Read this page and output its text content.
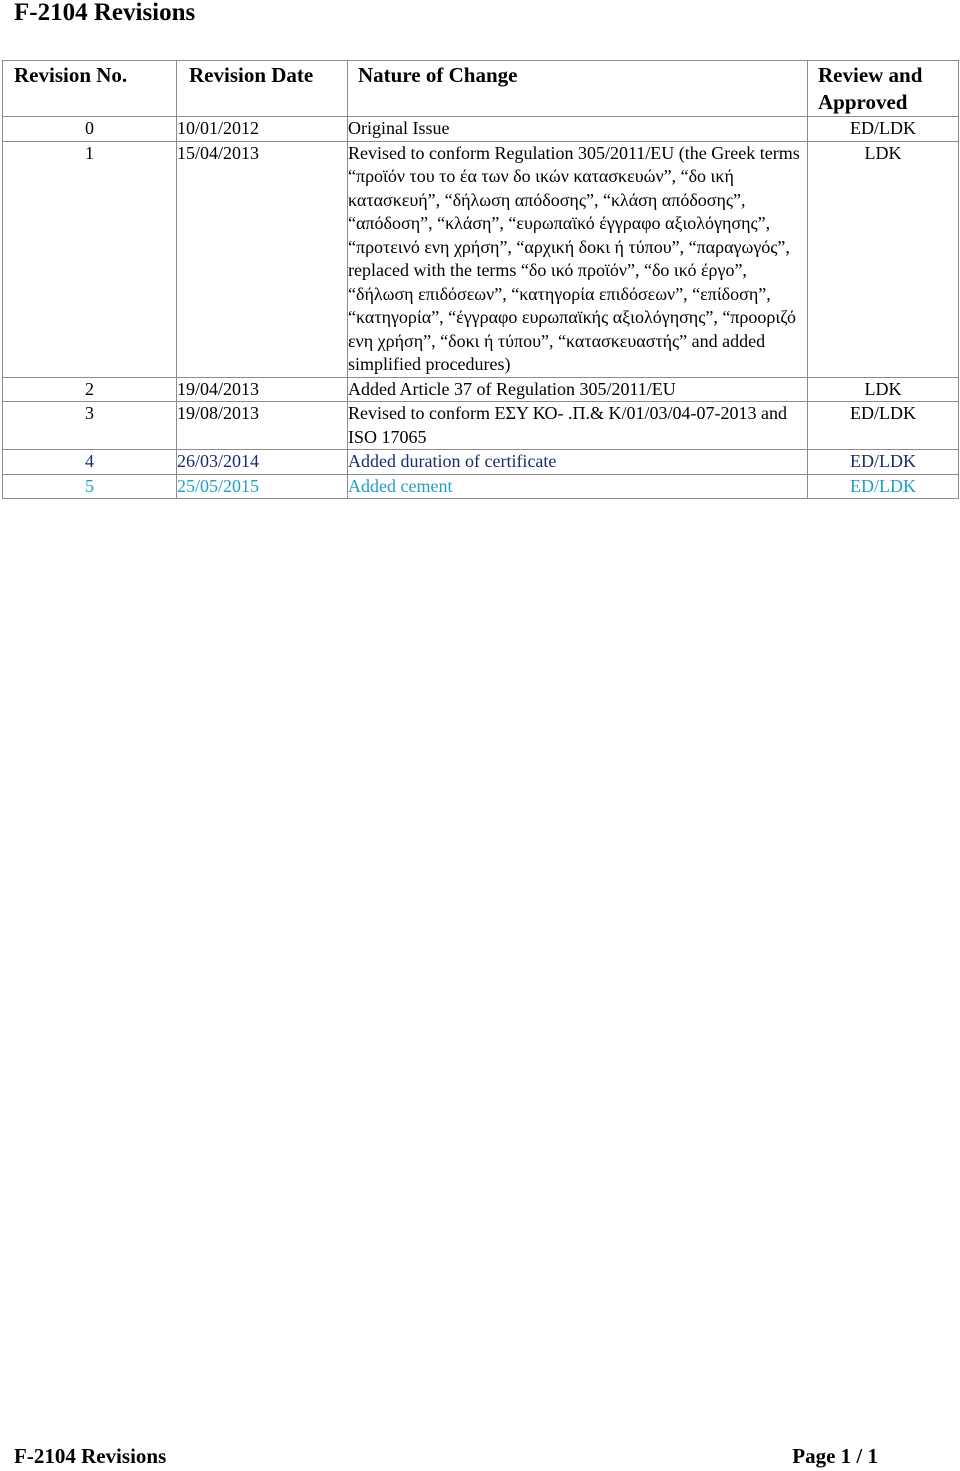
F-2104 Revisions
Revision No.	Revision Date	Nature of Change	Review and Approved
0	10/01/2012	Original Issue	ED/LDK
1	15/04/2013	Revised to conform Regulation 305/2011/EU (the Greek terms “προϊόν του το έα των δο ικών κατασκευών”, “δο ική κατασκευή”, “δήλωση απόδοσης”, “κλάση απόδοσης”, “απόδοση”, “κλάση”, “ευρωπαϊκό έγγραφο αξιολόγησης”, “προτεινό ενη χρήση”, “αρχική δοκι ή τύπου”, “παραγωγός”, replaced with the terms “δο ικό προϊόν”, “δο ικό έργο”, “δήλωση επιδόσεων”, “κατηγορία επιδόσεων”, “επίδοση”, “κατηγορία”, “έγγραφο ευρωπαϊκής αξιολόγησης”, “προοριζό ενη χρήση”, “δοκι ή τύπου”, “κατασκευαστής” and added simplified procedures)	LDK
2	19/04/2013	Added Article 37 of Regulation 305/2011/EU	LDK
3	19/08/2013	Revised to conform ΕΣΥ ΚΟ- .Π.& Κ/01/03/04-07-2013 and ISO 17065	ED/LDK
4	26/03/2014	Added duration of certificate	ED/LDK
5	25/05/2015	Added cement	ED/LDK
F-2104 Revisions	Page 1 / 1
